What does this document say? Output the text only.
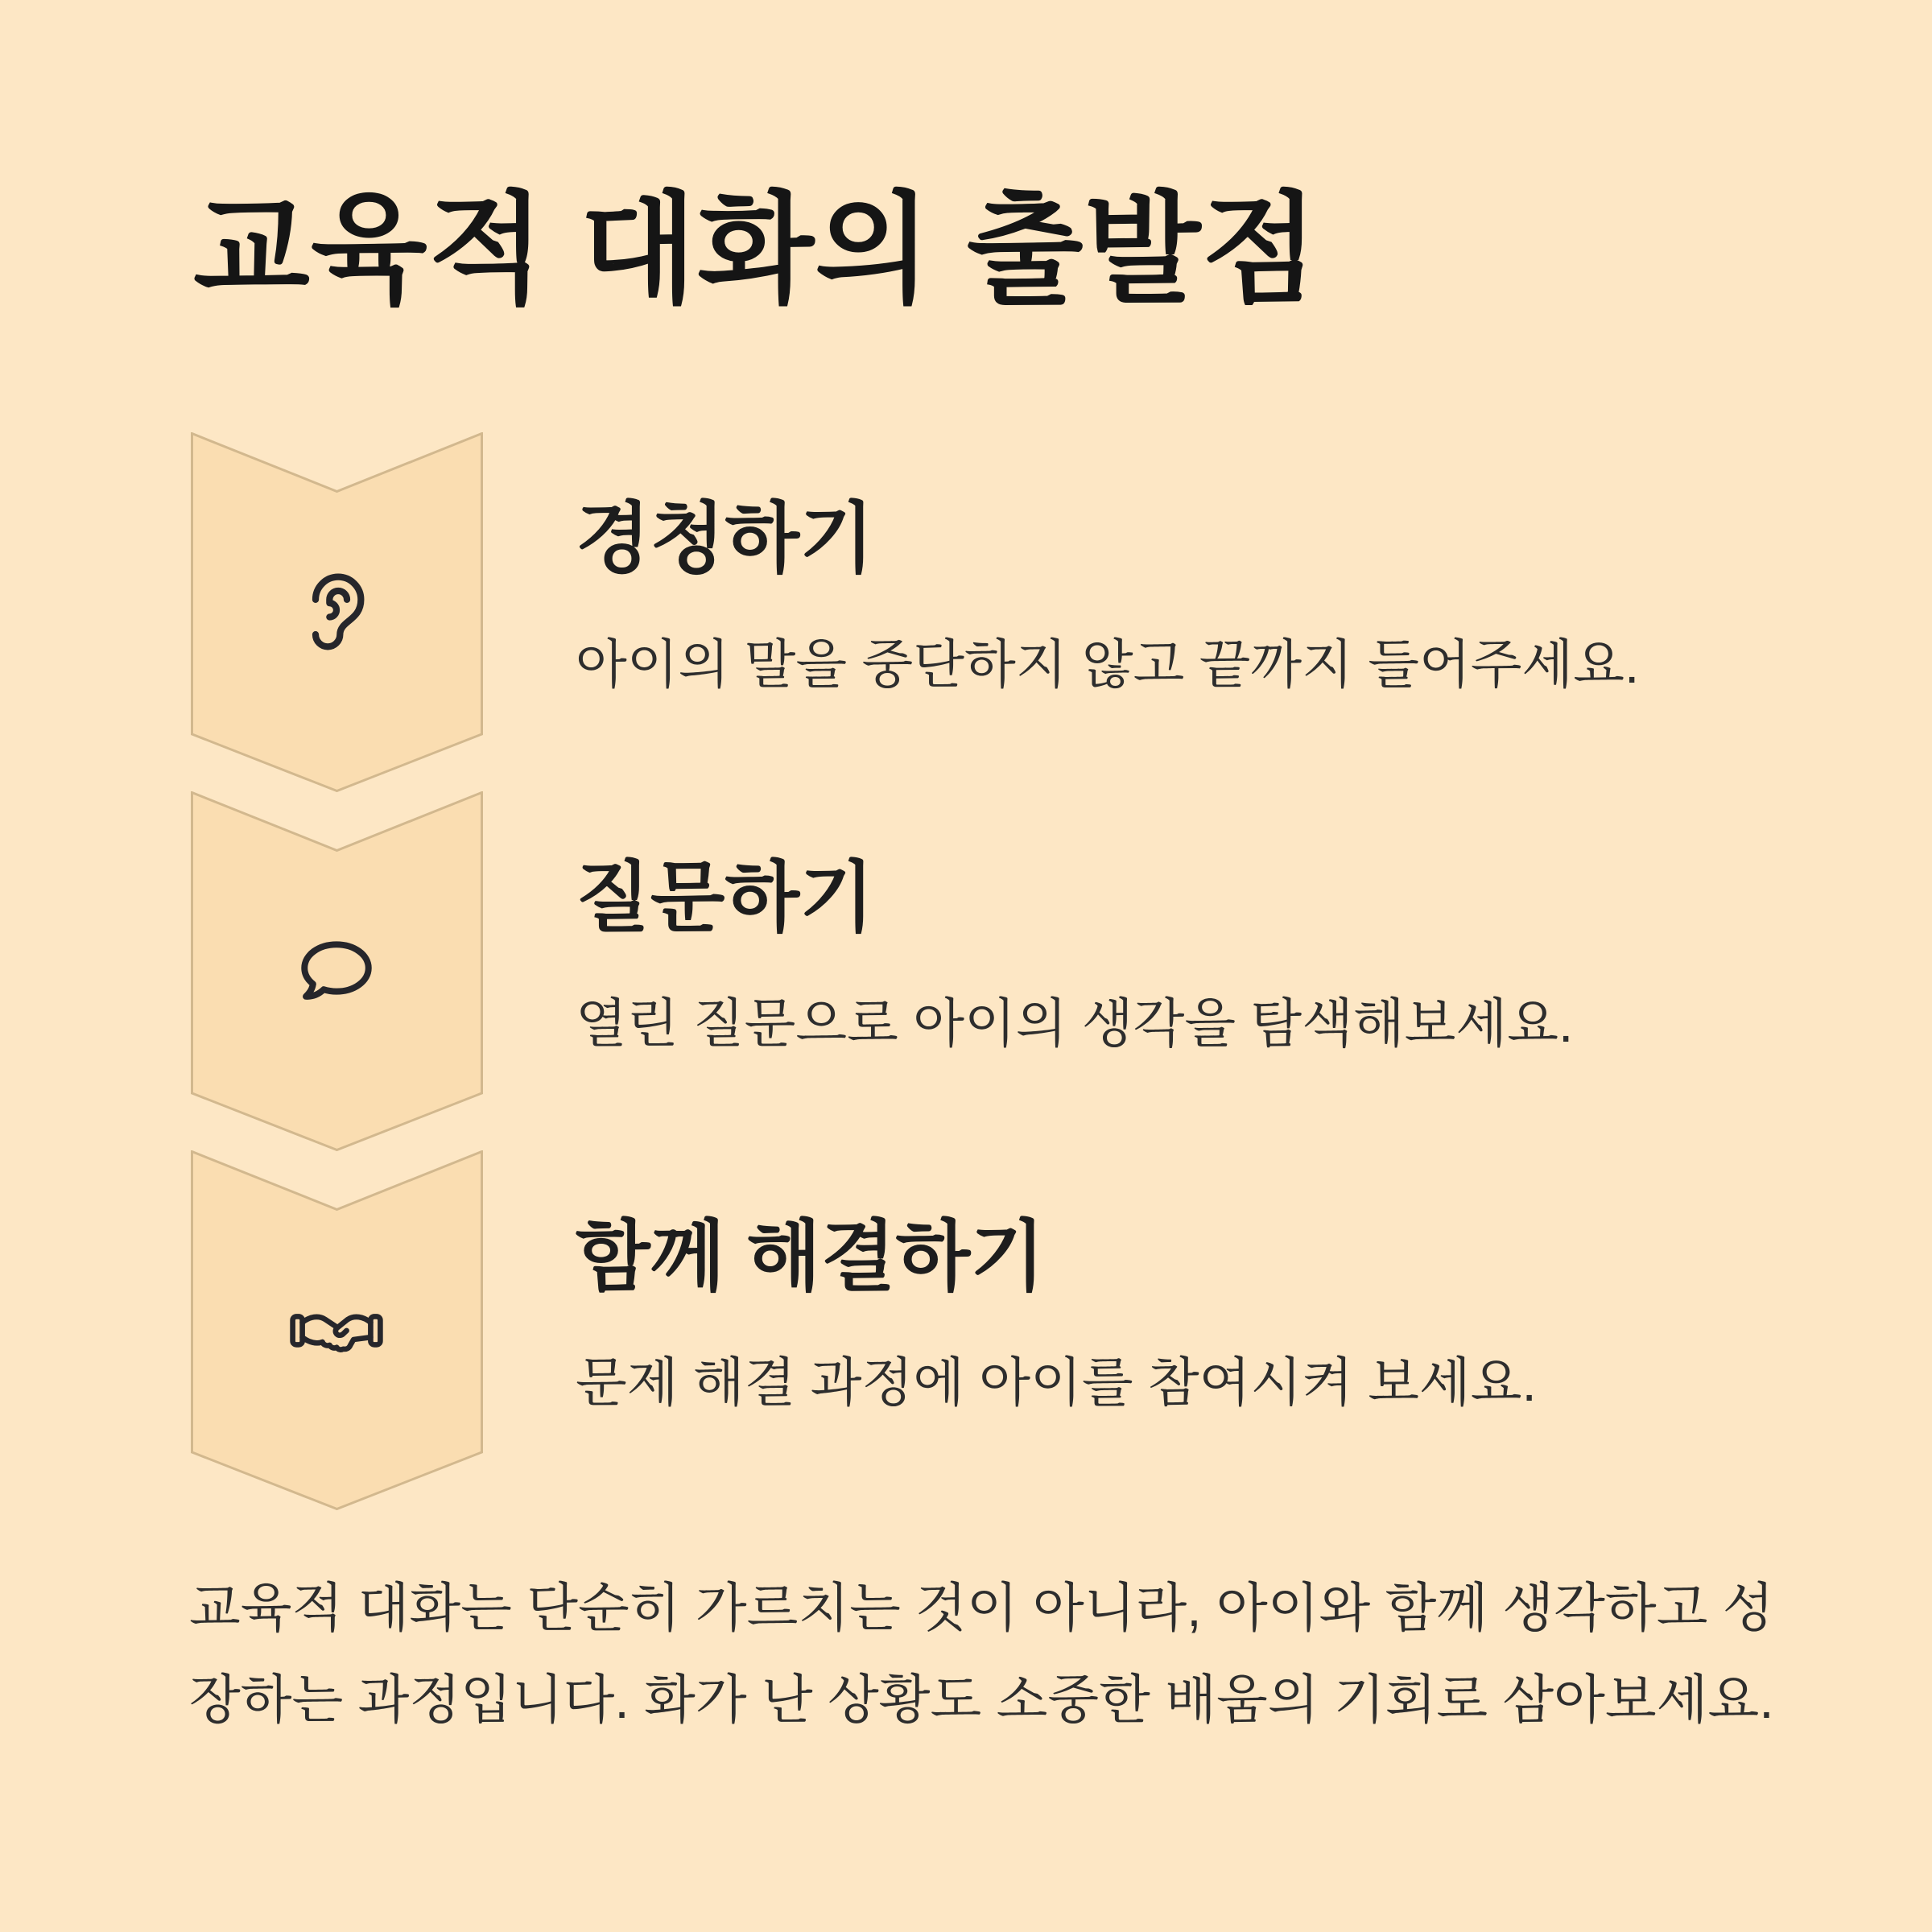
교육적 대화의 출발점
경청하기

아이의 말을 중단하지 않고 끝까지 들어주세요.

질문하기

열린 질문으로 아이의 생각을 탐색해보세요.

함께 해결하기

문제 해결 과정에 아이를 참여시켜 보세요.

교육적 대화는 단순히 가르치는 것이 아니라, 아이와 함께 생각하고 성

장하는 과정입니다. 화가 난 상황도 소중한 배움의 기회로 삼아보세요.
